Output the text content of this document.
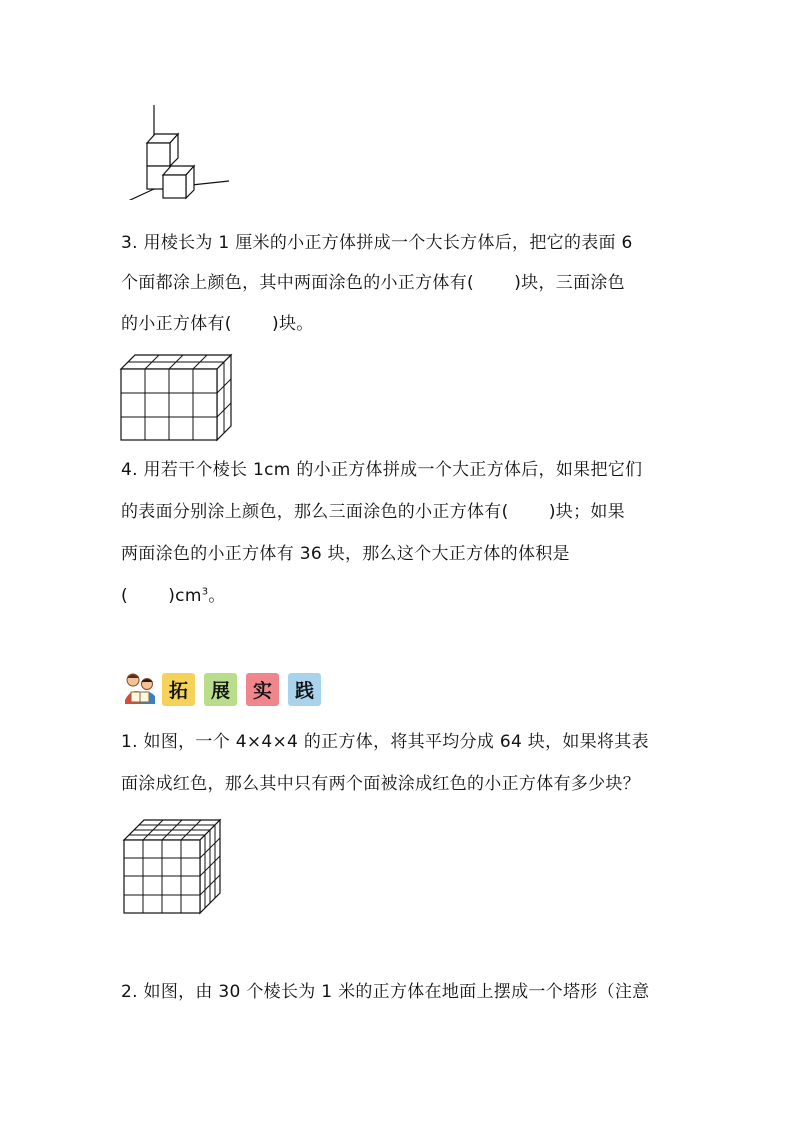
3. 用棱长为 1 厘米的小正方体拼成一个大长方体后，把它的表面 6

个面都涂上颜色，其中两面涂色的小正方体有(　　 )块，三面涂色

的小正方体有(　　 )块。

4. 用若干个棱长 1cm 的小正方体拼成一个大正方体后，如果把它们

的表面分别涂上颜色，那么三面涂色的小正方体有(　　 )块；如果

两面涂色的小正方体有 36 块，那么这个大正方体的体积是

(　　 )$cm^3$。

拓	展	实	践

1. 如图，一个 4×4×4 的正方体，将其平均分成 64 块，如果将其表

面涂成红色，那么其中只有两个面被涂成红色的小正方体有多少块？

2. 如图，由 30 个棱长为 1 米的正方体在地面上摆成一个塔形（注意
